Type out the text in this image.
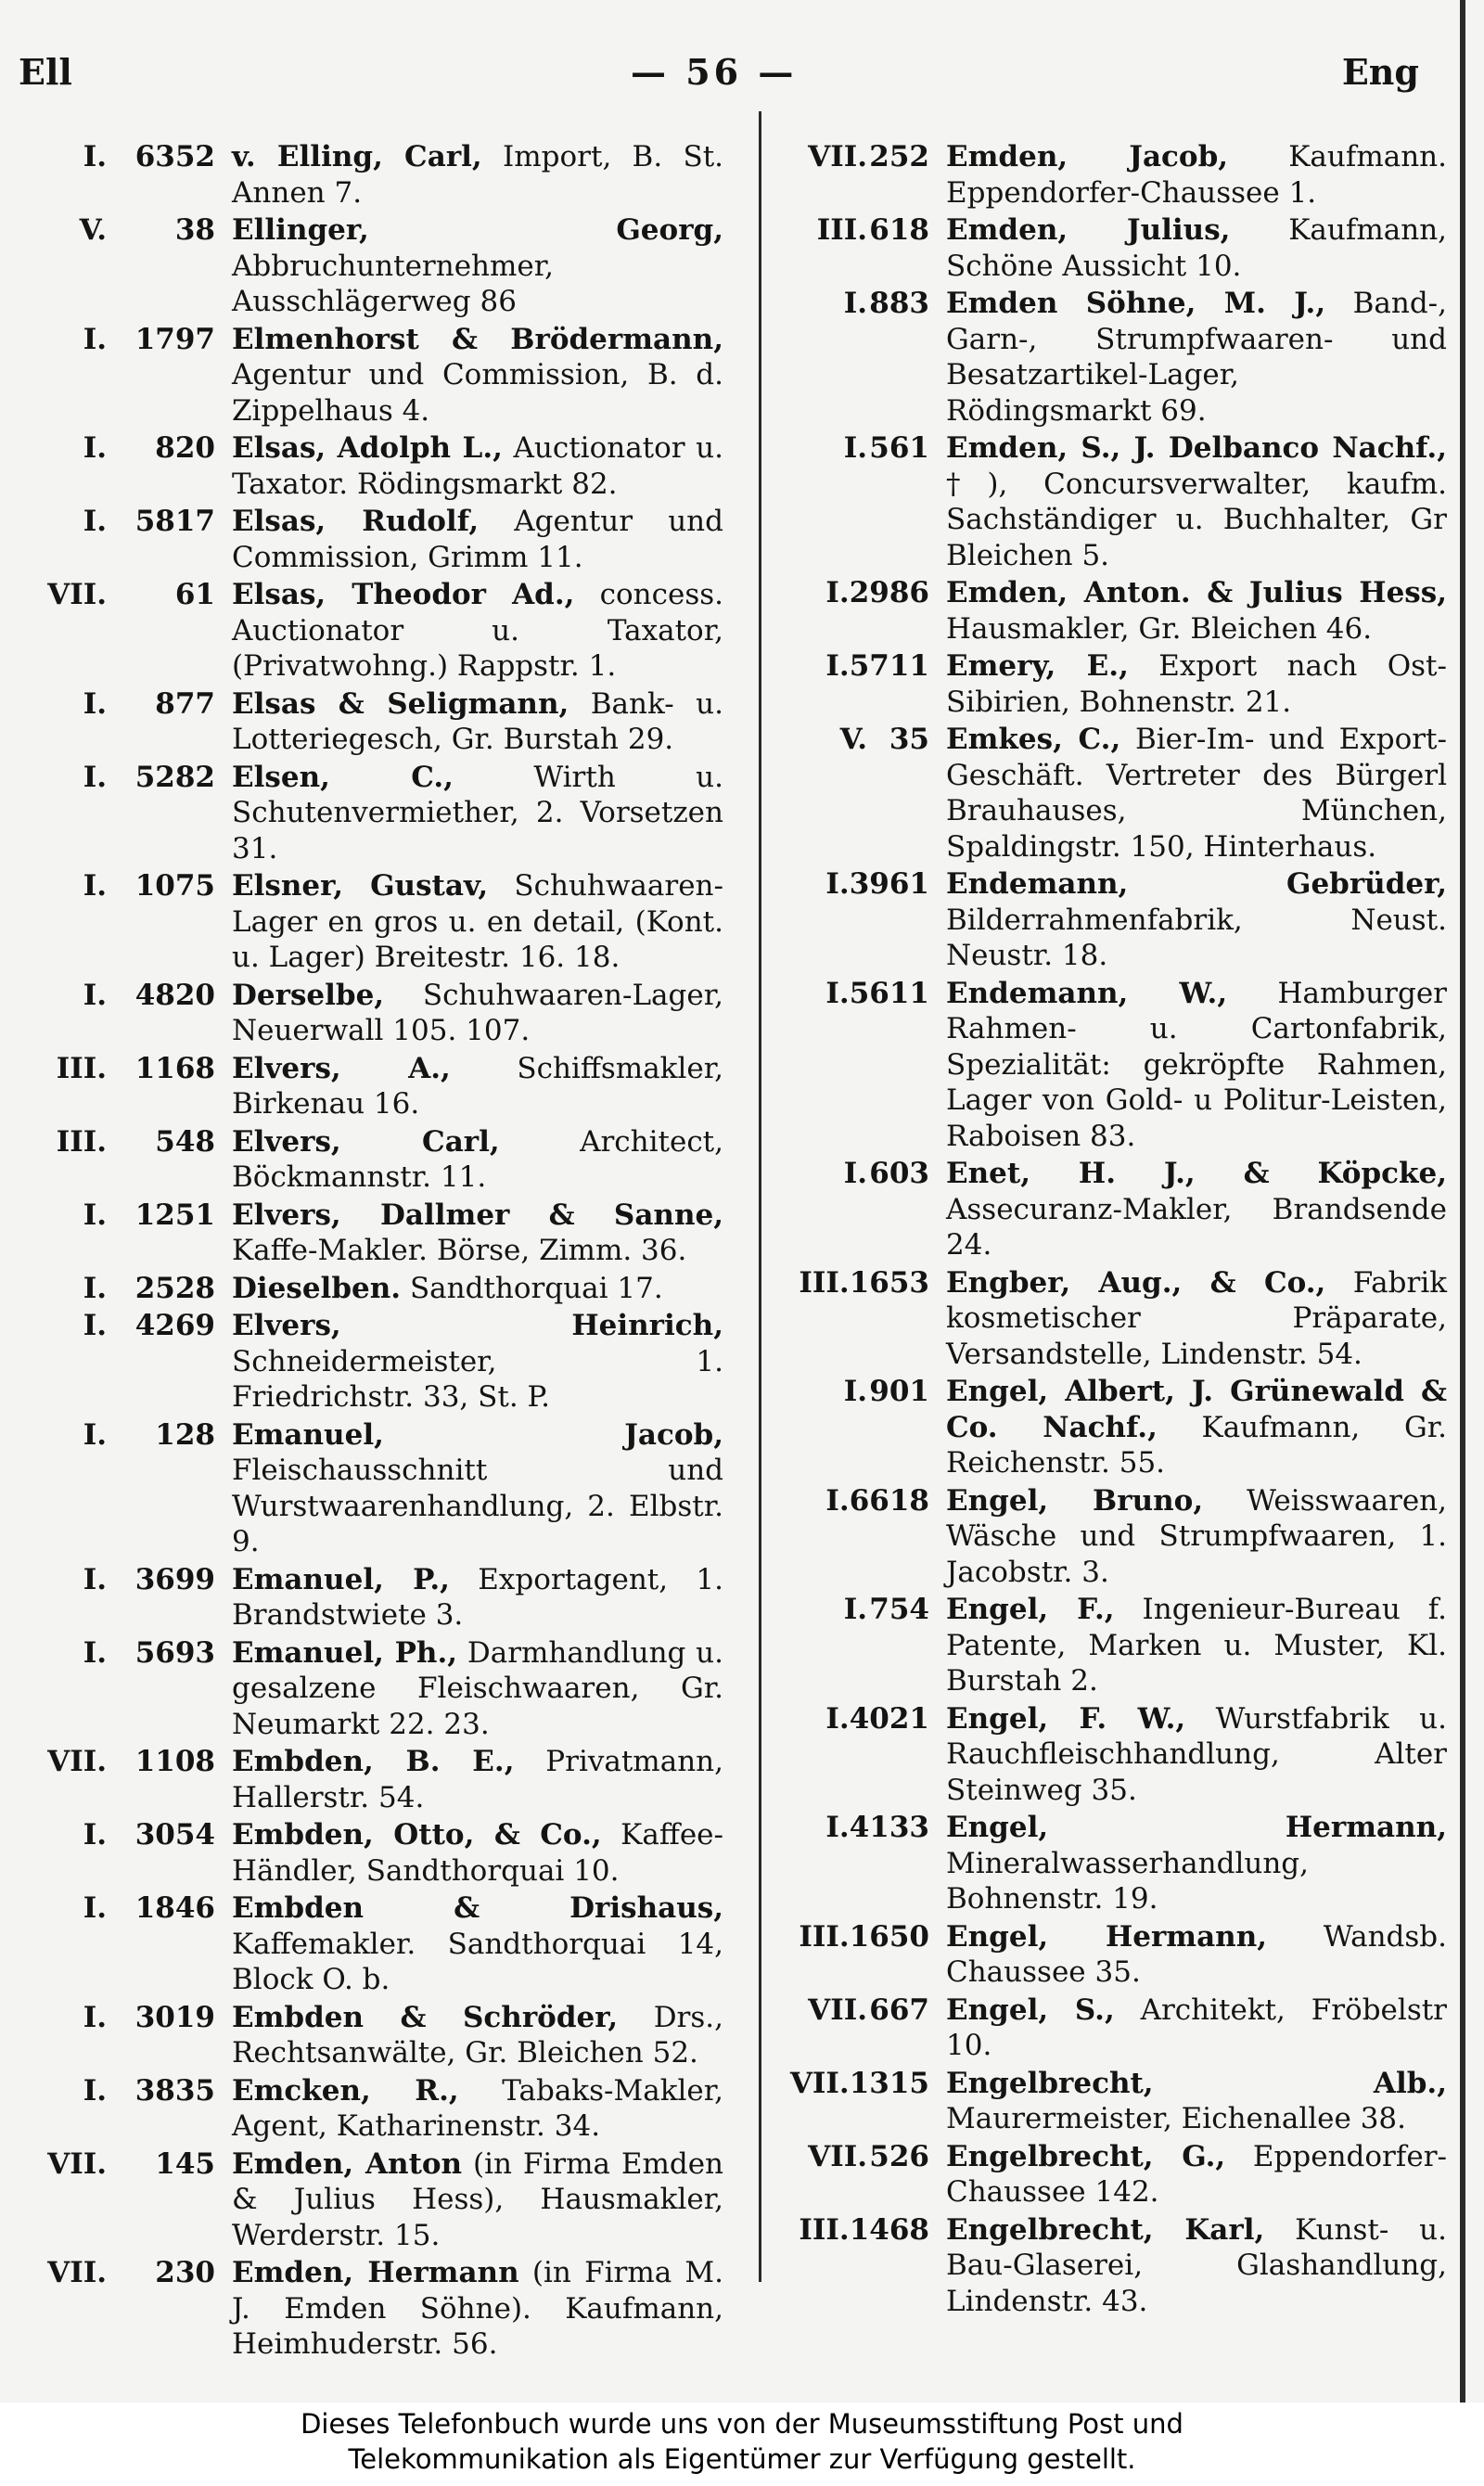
Ell	— 56 —	Eng
I. 6352 v. Elling, Carl, Import, B. St. Annen 7.
V.	38 Ellinger, Georg, Abbruchunternehmer, Ausschlägerweg 86
I. 1797 Elmenhorst & Brödermann, Agentur und Commission, B. d. Zippelhaus 4.
I.	820 Elsas, Adolph L., Auctionator u. Taxator. Rödingsmarkt 82.
I. 5817 Elsas, Rudolf, Agentur und Commission, Grimm 11.
VII.	61 Elsas, Theodor Ad., concess. Auctionator u. Taxator, (Privatwohng.) Rappstr. 1.
I.	877 Elsas & Seligmann, Bank- u. Lotteriegesch, Gr. Burstah 29.
I. 5282 Elsen, C.,	Wirth u. Schutenvermiether, 2. Vorsetzen 31.
I. 1075 Elsner, Gustav, Schuhwaaren-Lager en gros u. en detail, (Kont. u. Lager) Breitestr. 16. 18.
I. 4820 Derselbe, Schuhwaaren-Lager, Neuerwall 105. 107.
III. 1168 Elvers, A., Schiffsmakler, Birkenau 16.
III.	548 Elvers, Carl,	Architect, Böckmannstr. 11.
I. 1251 Elvers, Dallmer & Sanne, Kaffe-Makler. Börse, Zimm. 36.
I. 2528 Dieselben. Sandthorquai 17.
I. 4269 Elvers, Heinrich, Schneidermeister, 1. Friedrichstr. 33, St. P.
I.	128 Emanuel, Jacob, Fleischausschnitt und Wurstwaarenhandlung, 2. Elbstr. 9.
I. 3699 Emanuel, P., Exportagent, 1. Brandstwiete 3.
I. 5693 Emanuel, Ph., Darmhandlung u. gesalzene Fleischwaaren, Gr. Neumarkt 22. 23.
VII. 1108 Embden, B. E., Privatmann, Hallerstr. 54.
I. 3054 Embden, Otto, & Co., Kaffee-Händler, Sandthorquai 10.
I. 1846 Embden & Drishaus, Kaffemakler. Sandthorquai 14, Block O. b.
I. 3019 Embden & Schröder, Drs., Rechtsanwälte, Gr. Bleichen 52.
I. 3835 Emcken, R., Tabaks-Makler, Agent, Katharinenstr. 34.
VII.	145 Emden, Anton (in Firma Emden & Julius Hess), Hausmakler, Werderstr. 15.
VII.	230 Emden, Hermann (in Firma M. J. Emden Söhne). Kaufmann, Heimhuderstr. 56.
VII. 252 Emden, Jacob, Kaufmann. Eppendorfer-Chaussee 1.
III. 618 Emden, Julius, Kaufmann, Schöne Aussicht 10.
I. 883 Emden Söhne, M. J., Band-, Garn-, Strumpfwaaren- und Besatzartikel-Lager, Rödingsmarkt 69.
I. 561 Emden, S., J. Delbanco Nachf., †), Concursverwalter, kaufm. Sachständiger u. Buchhalter, Gr Bleichen 5.
I. 2986 Emden, Anton. & Julius Hess, Hausmakler, Gr. Bleichen 46.
I. 5711 Emery, E., Export nach Ost-Sibirien, Bohnenstr. 21.
V. 35 Emkes, C., Bier-Im- und Export-Geschäft. Vertreter des Bürgerl Brauhauses, München, Spaldingstr. 150, Hinterhaus.
I. 3961 Endemann, Gebrüder, Bilderrahmenfabrik, Neust. Neustr. 18.
I. 5611 Endemann, W., Hamburger Rahmen- u. Cartonfabrik, Spezialität: gekröpfte Rahmen, Lager von Gold- u Politur-Leisten, Raboisen 83.
I. 603 Enet, H. J., & Köpcke, Assecuranz-Makler, Brandsende 24.
III. 1653 Engber, Aug., & Co., Fabrik kosmetischer Präparate, Versandstelle, Lindenstr. 54.
I. 901 Engel, Albert, J. Grünewald & Co. Nachf., Kaufmann, Gr. Reichenstr. 55.
I. 6618 Engel, Bruno, Weisswaaren, Wäsche und Strumpfwaaren, 1. Jacobstr. 3.
I. 754 Engel, F., Ingenieur-Bureau f. Patente, Marken u. Muster, Kl. Burstah 2.
I. 4021 Engel, F. W., Wurstfabrik u. Rauchfleischhandlung, Alter Steinweg 35.
I. 4133 Engel, Hermann, Mineralwasserhandlung, Bohnenstr. 19.
III. 1650 Engel, Hermann, Wandsb. Chaussee 35.
VII. 667 Engel, S., Architekt, Fröbelstr 10.
VII. 1315 Engelbrecht, Alb., Maurermeister, Eichenallee 38.
VII. 526 Engelbrecht, G., Eppendorfer-Chaussee 142.
III. 1468 Engelbrecht, Karl, Kunst- u. Bau-Glaserei, Glashandlung, Lindenstr. 43.
Dieses Telefonbuch wurde uns von der Museumsstiftung Post und
Telekommunikation als Eigentümer zur Verfügung gestellt.
